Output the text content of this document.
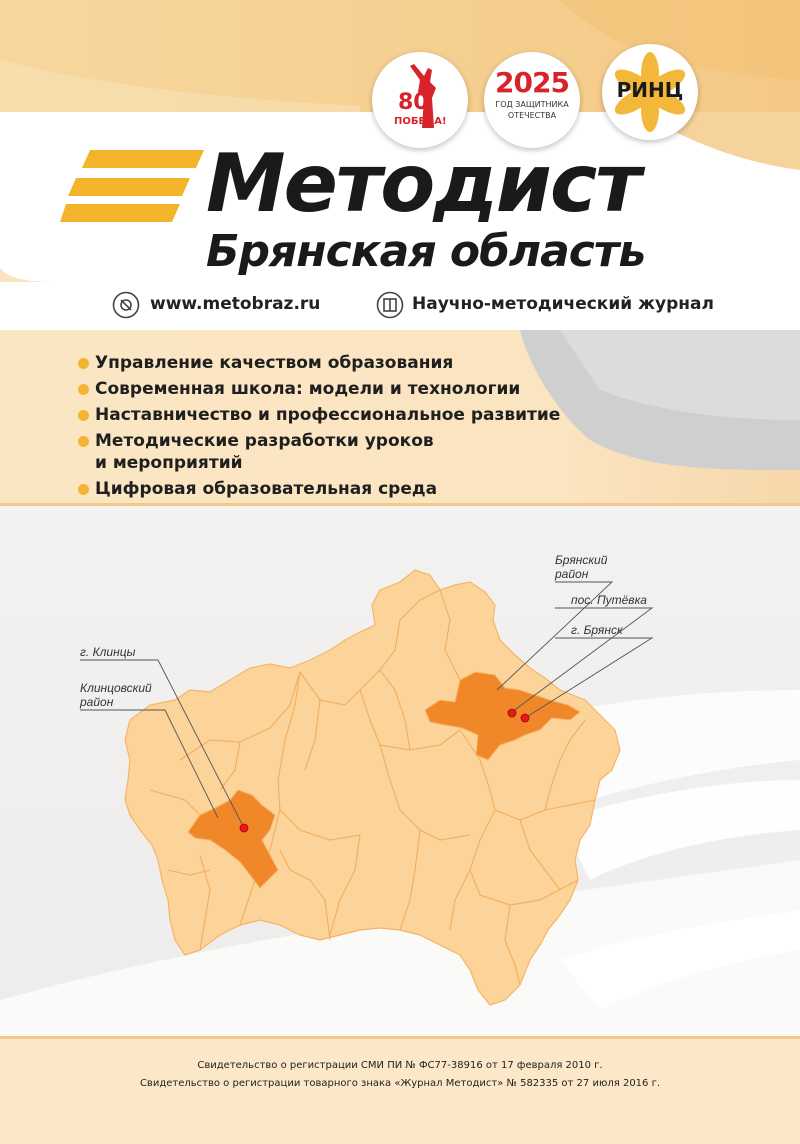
80
ПОБЕДА!
2025
ГОД ЗАЩИТНИКА
ОТЕЧЕСТВА
РИНЦ
Методист
Брянская область
www.metobraz.ru	Научно-методический журнал
Управление качеством образования
Современная школа: модели и технологии
Наставничество и профессиональное развитие
Методические разработки уроков
и мероприятий
Цифровая образовательная среда
г. Клинцы
Клинцовский
район
Брянский
район
пос. Путёвка
г. Брянск
Свидетельство о регистрации СМИ ПИ № ФС77-38916 от 17 февраля 2010 г.
Свидетельство о регистрации товарного знака «Журнал Методист» № 582335 от 27 июля 2016 г.
